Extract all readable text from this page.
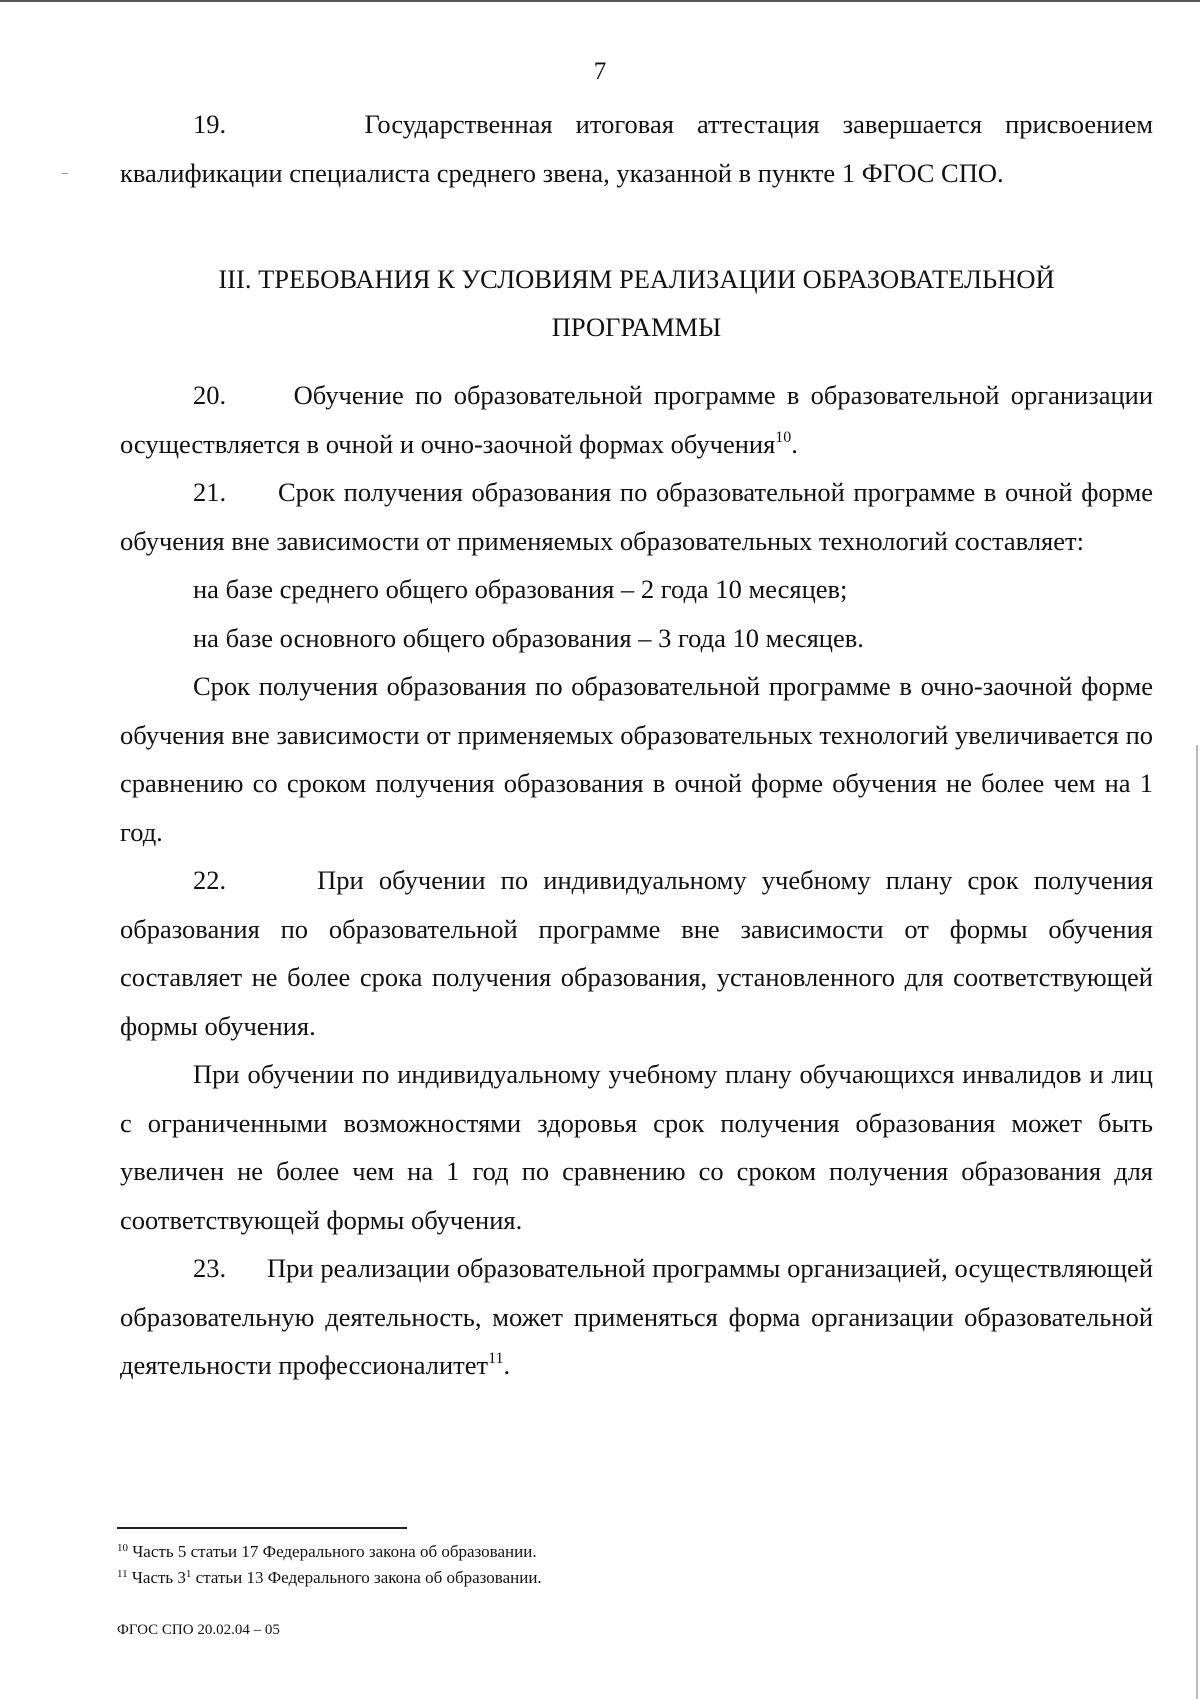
7

19.	Государственная итоговая аттестация завершается присвоением квалификации специалиста среднего звена, указанной в пункте 1 ФГОС СПО.

III. ТРЕБОВАНИЯ К УСЛОВИЯМ РЕАЛИЗАЦИИ ОБРАЗОВАТЕЛЬНОЙ
ПРОГРАММЫ

20.	Обучение по образовательной программе в образовательной организации осуществляется в очной и очно-заочной формах обучения$^{10}$.

21. Срок получения образования по образовательной программе в очной форме обучения вне зависимости от применяемых образовательных технологий составляет:

на базе среднего общего образования – 2 года 10 месяцев;

на базе основного общего образования – 3 года 10 месяцев.

Срок получения образования по образовательной программе в очно-заочной форме обучения вне зависимости от применяемых образовательных технологий увеличивается по сравнению со сроком получения образования в очной форме обучения не более чем на 1 год.

22.	При обучении по индивидуальному учебному плану срок получения образования по образовательной программе вне зависимости от формы обучения составляет не более срока получения образования, установленного для соответствующей формы обучения.

При обучении по индивидуальному учебному плану обучающихся инвалидов и лиц с ограниченными возможностями здоровья срок получения образования может быть увеличен не более чем на 1 год по сравнению со сроком получения образования для соответствующей формы обучения.

23. При реализации образовательной программы организацией, осуществляющей образовательную деятельность, может применяться форма организации образовательной деятельности профессионалитет$^{11}$.

$^{10}$ Часть 5 статьи 17 Федерального закона об образовании.
$^{11}$ Часть $3^1$ статьи 13 Федерального закона об образовании.
ФГОС СПО 20.02.04 – 05
